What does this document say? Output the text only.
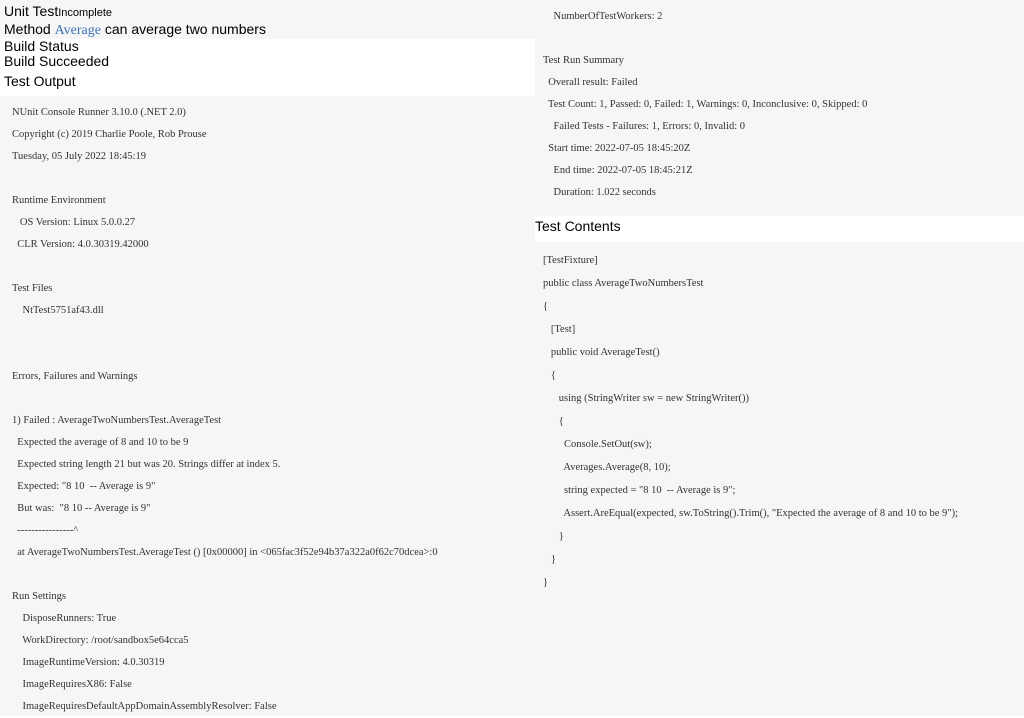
Unit TestIncomplete
Method Average can average two numbers
Build Status
Build Succeeded
Test Output
NUnit Console Runner 3.10.0 (.NET 2.0)
Copyright (c) 2019 Charlie Poole, Rob Prouse
Tuesday, 05 July 2022 18:45:19
Runtime Environment
OS Version: Linux 5.0.0.27
CLR Version: 4.0.30319.42000
Test Files
NtTest5751af43.dll
Errors, Failures and Warnings
1) Failed : AverageTwoNumbersTest.AverageTest
Expected the average of 8 and 10 to be 9
Expected string length 21 but was 20. Strings differ at index 5.
Expected: "8 10  -- Average is 9"
But was:  "8 10 -- Average is 9"
----------------^
at AverageTwoNumbersTest.AverageTest () [0x00000] in <065fac3f52e94b37a322a0f62c70dcea>:0
Run Settings
DisposeRunners: True
WorkDirectory: /root/sandbox5e64cca5
ImageRuntimeVersion: 4.0.30319
ImageRequiresX86: False
ImageRequiresDefaultAppDomainAssemblyResolver: False
NumberOfTestWorkers: 2
Test Run Summary
Overall result: Failed
Test Count: 1, Passed: 0, Failed: 1, Warnings: 0, Inconclusive: 0, Skipped: 0
Failed Tests - Failures: 1, Errors: 0, Invalid: 0
Start time: 2022-07-05 18:45:20Z
End time: 2022-07-05 18:45:21Z
Duration: 1.022 seconds
Test Contents
[TestFixture]
public class AverageTwoNumbersTest
{
[Test]
public void AverageTest()
{
using (StringWriter sw = new StringWriter())
{
Console.SetOut(sw);
Averages.Average(8, 10);
string expected = "8 10  -- Average is 9";
Assert.AreEqual(expected, sw.ToString().Trim(), "Expected the average of 8 and 10 to be 9");
}
}
}
